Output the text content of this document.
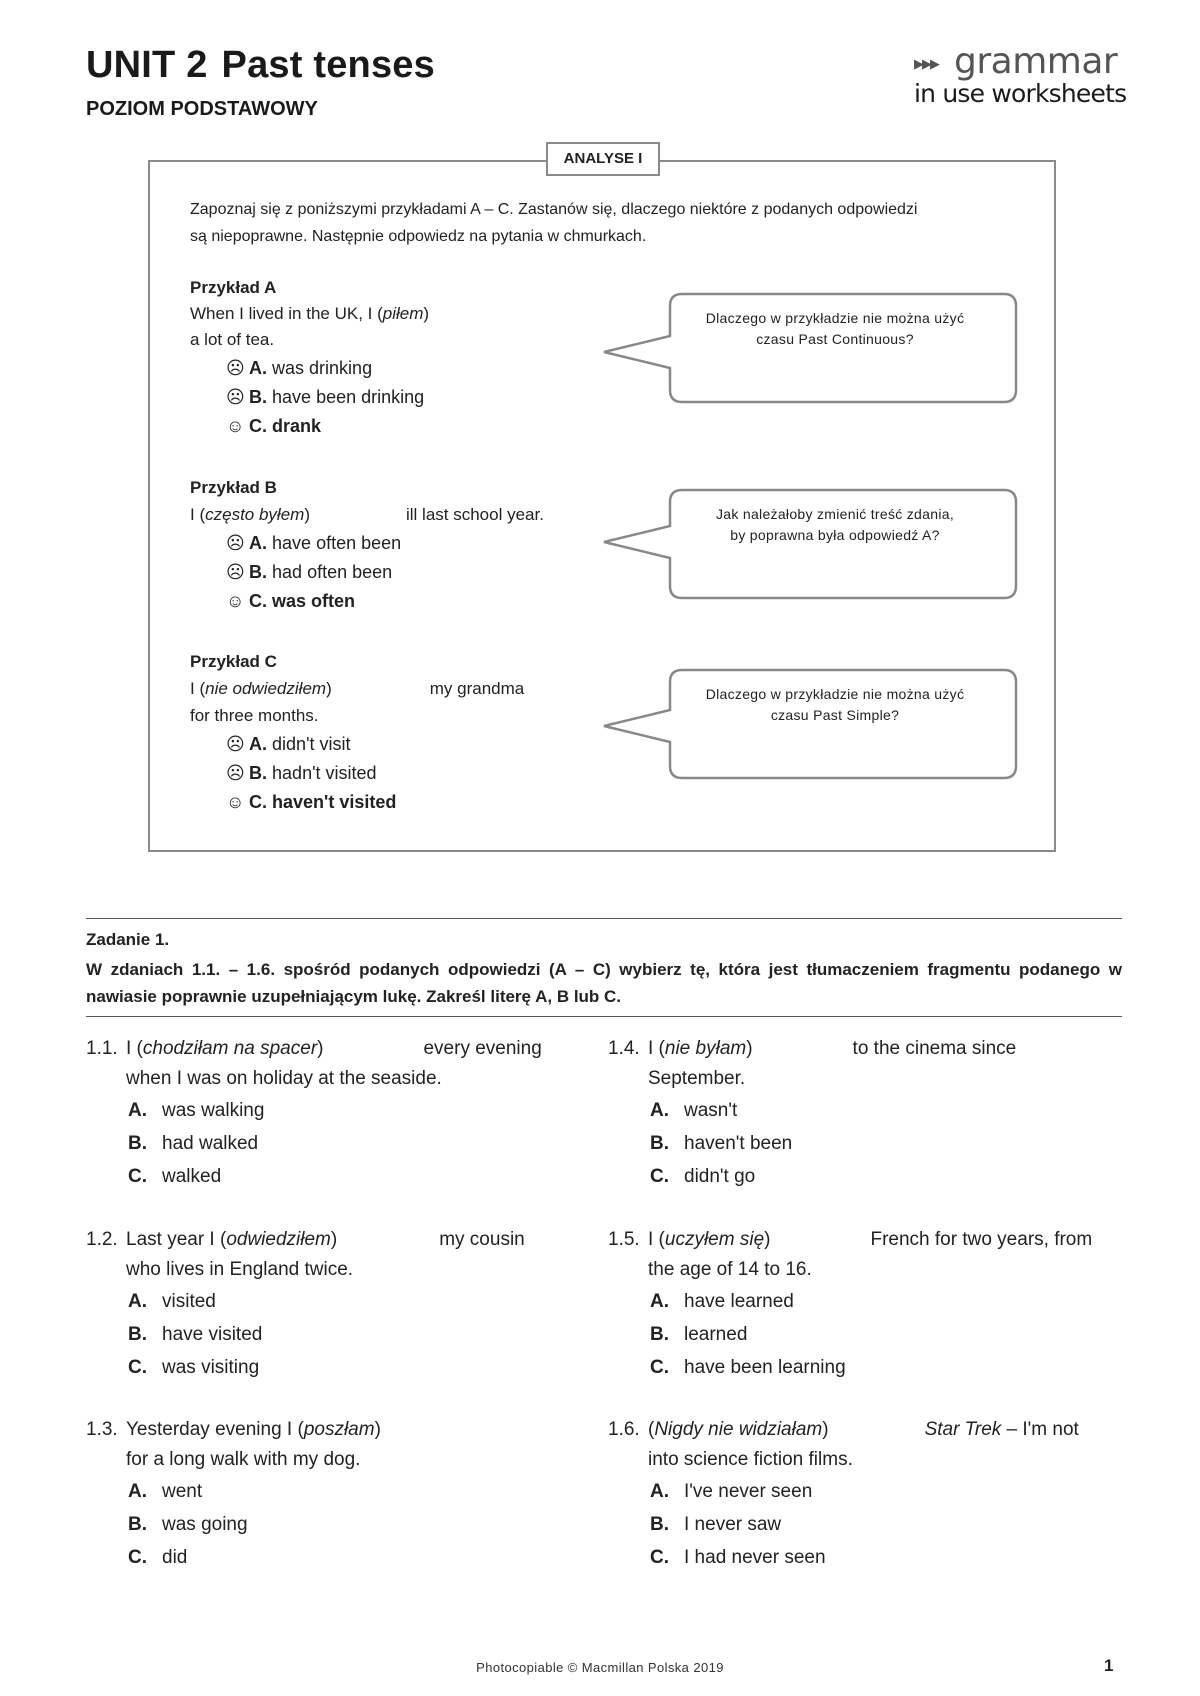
UNIT 2 Past tenses
POZIOM PODSTAWOWY
▶▶▶ grammar
in use worksheets
ANALYSE I
Zapoznaj się z poniższymi przykładami A – C. Zastanów się, dlaczego niektóre z podanych odpowiedzi
są niepoprawne. Następnie odpowiedz na pytania w chmurkach.
Przykład A
When I lived in the UK, I (piłem)
a lot of tea.
☹ A. was drinking
☹ B. have been drinking
☺ C. drank
Dlaczego w przykładzie nie można użyć
czasu Past Continuous?
Przykład B
I (często byłem)	ill last school year.
☹ A. have often been
☹ B. had often been
☺ C. was often
Jak należałoby zmienić treść zdania,
by poprawna była odpowiedź A?
Przykład C
I (nie odwiedziłem)	my grandma
for three months.
☹ A. didn't visit
☹ B. hadn't visited
☺ C. haven't visited
Dlaczego w przykładzie nie można użyć
czasu Past Simple?
Zadanie 1.
W zdaniach 1.1. – 1.6. spośród podanych odpowiedzi (A – C) wybierz tę, która jest tłumaczeniem fragmentu podanego w nawiasie poprawnie uzupełniającym lukę. Zakreśl literę A, B lub C.
1.1. I (chodziłam na spacer)	every evening
when I was on holiday at the seaside.
A. was walking
B. had walked
C. walked
1.2. Last year I (odwiedziłem)	my cousin
who lives in England twice.
A. visited
B. have visited
C. was visiting
1.3. Yesterday evening I (poszłam)
for a long walk with my dog.
A. went
B. was going
C. did
1.4. I (nie byłam)	to the cinema since
September.
A. wasn't
B. haven't been
C. didn't go
1.5. I (uczyłem się)	French for two years, from
the age of 14 to 16.
A. have learned
B. learned
C. have been learning
1.6. (Nigdy nie widziałam)	Star Trek – I'm not
into science fiction films.
A. I've never seen
B. I never saw
C. I had never seen
Photocopiable © Macmillan Polska 2019	1
